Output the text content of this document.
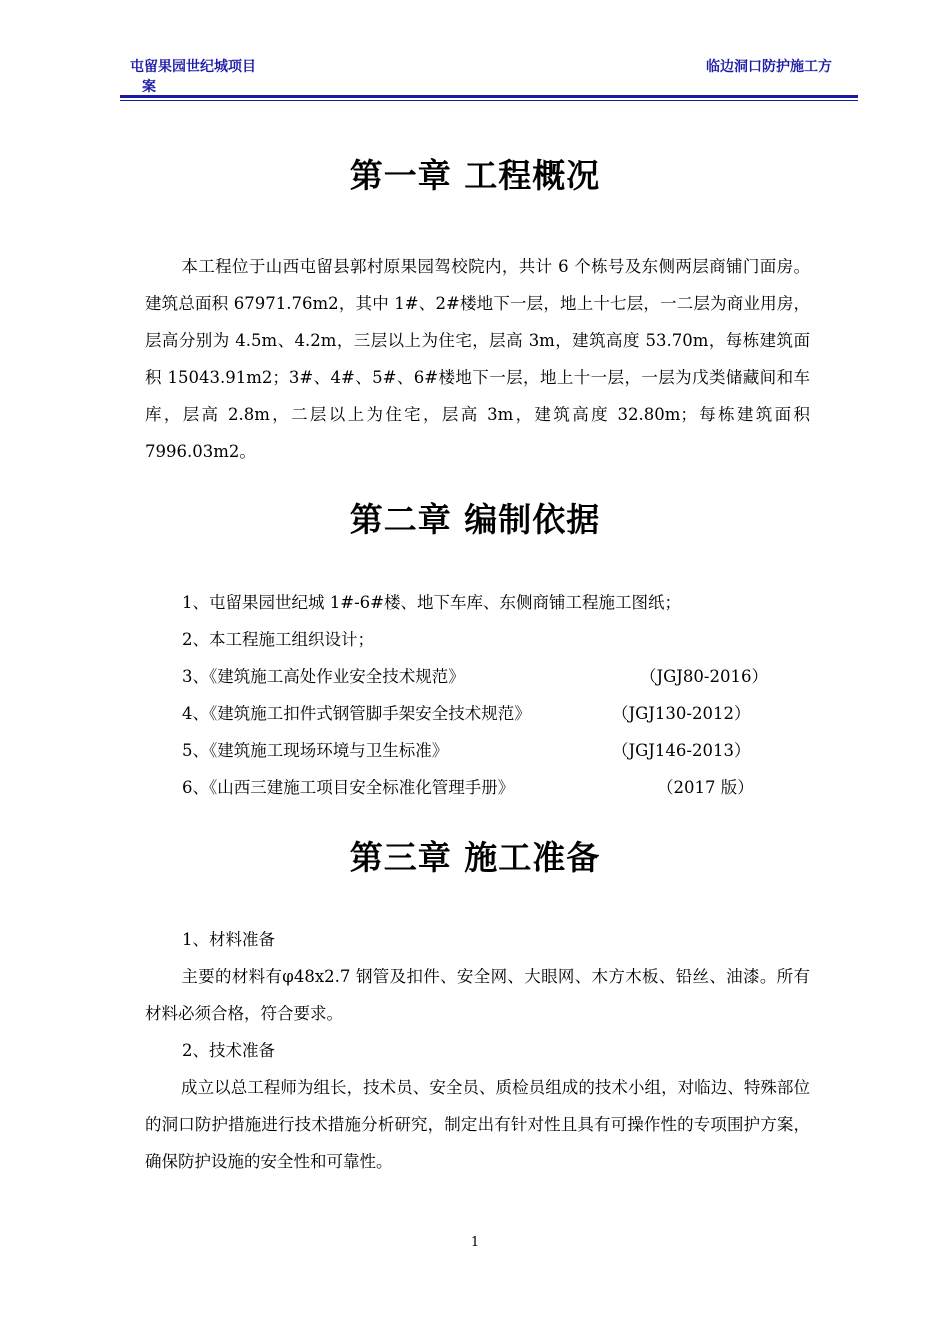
屯留果园世纪城项目
案
临边洞口防护施工方
第一章 工程概况
本工程位于山西屯留县郭村原果园驾校院内，共计 6 个栋号及东侧两层商铺门面房。建筑总面积 67971.76m2，其中 1#、2#楼地下一层，地上十七层，一二层为商业用房，层高分别为 4.5m、4.2m，三层以上为住宅，层高 3m，建筑高度 53.70m，每栋建筑面积 15043.91m2；3#、4#、5#、6#楼地下一层，地上十一层，一层为戊类储藏间和车库，层高 2.8m，二层以上为住宅，层高 3m，建筑高度 32.80m；每栋建筑面积 7996.03m2。
第二章 编制依据
1、屯留果园世纪城 1#-6#楼、地下车库、东侧商铺工程施工图纸；
2、本工程施工组织设计；
3、《建筑施工高处作业安全技术规范》	（JGJ80-2016）
4、《建筑施工扣件式钢管脚手架安全技术规范》	（JGJ130-2012）
5、《建筑施工现场环境与卫生标准》	（JGJ146-2013）
6、《山西三建施工项目安全标准化管理手册》	（2017 版）
第三章 施工准备
1、材料准备
主要的材料有φ48x2.7 钢管及扣件、安全网、大眼网、木方木板、铅丝、油漆。所有材料必须合格，符合要求。
2、技术准备
成立以总工程师为组长，技术员、安全员、质检员组成的技术小组，对临边、特殊部位的洞口防护措施进行技术措施分析研究，制定出有针对性且具有可操作性的专项围护方案，确保防护设施的安全性和可靠性。
1
